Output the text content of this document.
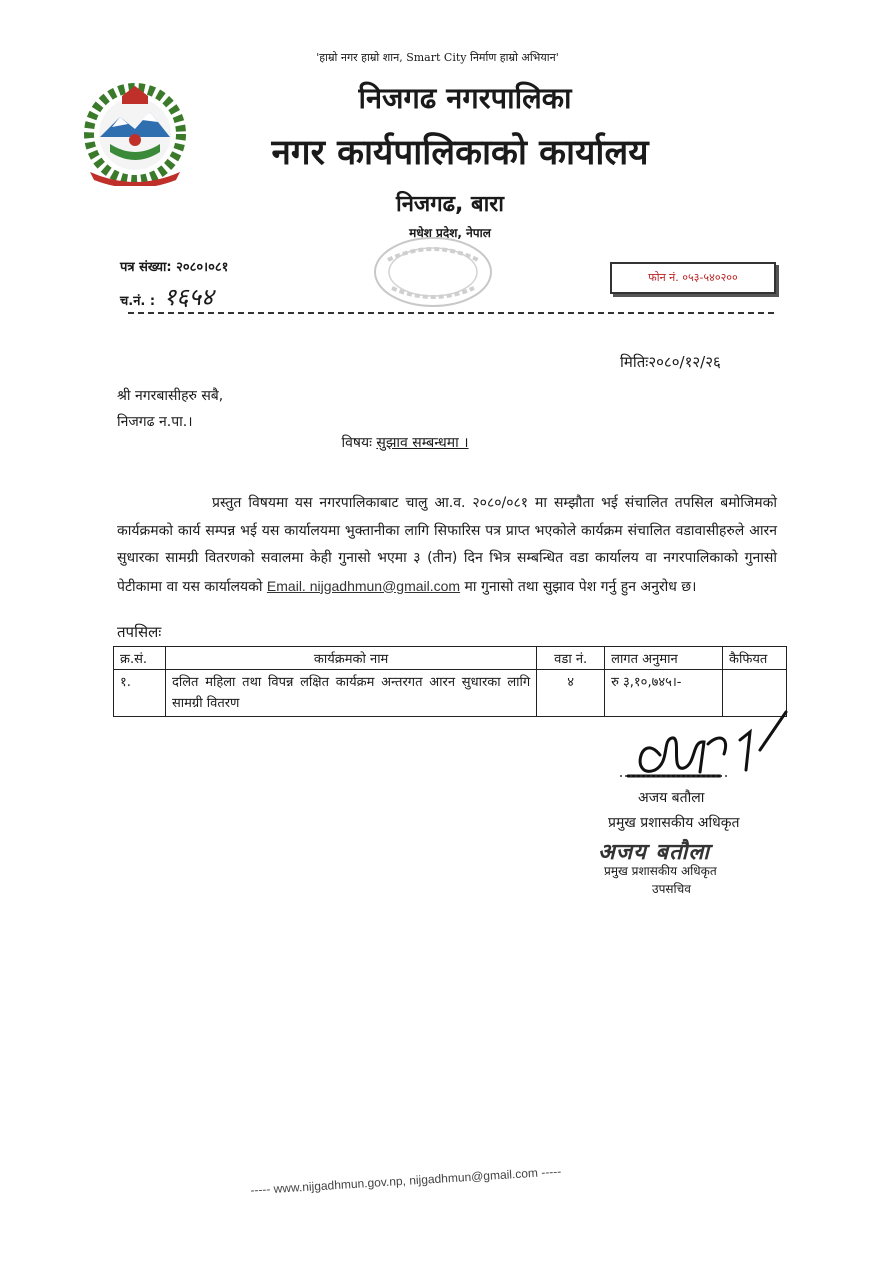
'हाम्रो नगर हाम्रो शान, Smart City निर्माण हाम्रो अभियान'
निजगढ नगरपालिका
नगर कार्यपालिकाको कार्यालय
निजगढ, बारा
मधेश प्रदेश, नेपाल
पत्र संख्या: २०८०।०८१
च.नं. : १६५४
फोन नं. ०५३-५४०२००
मितिः२०८०/१२/२६
श्री नगरबासीहरु सबै,
निजगढ न.पा.।
विषयः सुझाव सम्बन्धमा ।
प्रस्तुत विषयमा यस नगरपालिकाबाट चालु आ.व. २०८०/०८१ मा सम्झौता भई संचालित तपसिल बमोजिमको कार्यक्रमको कार्य सम्पन्न भई यस कार्यालयमा भुक्तानीका लागि सिफारिस पत्र प्राप्त भएकोले कार्यक्रम संचालित वडावासीहरुले आरन सुधारका सामग्री वितरणको सवालमा केही गुनासो भएमा ३ (तीन) दिन भित्र सम्बन्धित वडा कार्यालय वा नगरपालिकाको गुनासो पेटीकामा वा यस कार्यालयको Email. nijgadhmun@gmail.com मा गुनासो तथा सुझाव पेश गर्नु हुन अनुरोध छ।
तपसिलः
क्र.सं.	कार्यक्रमको नाम	वडा नं.	लागत अनुमान	कैफियत
१.	दलित महिला तथा विपन्न लक्षित कार्यक्रम अन्तरगत आरन सुधारका लागि सामग्री वितरण	४	रु ३,१०,७४५।-	
अजय बतौला
प्रमुख प्रशासकीय अधिकृत
अजय बतौला
प्रमुख प्रशासकीय अधिकृत
उपसचिव
----- www.nijgadhmun.gov.np, nijgadhmun@gmail.com -----
